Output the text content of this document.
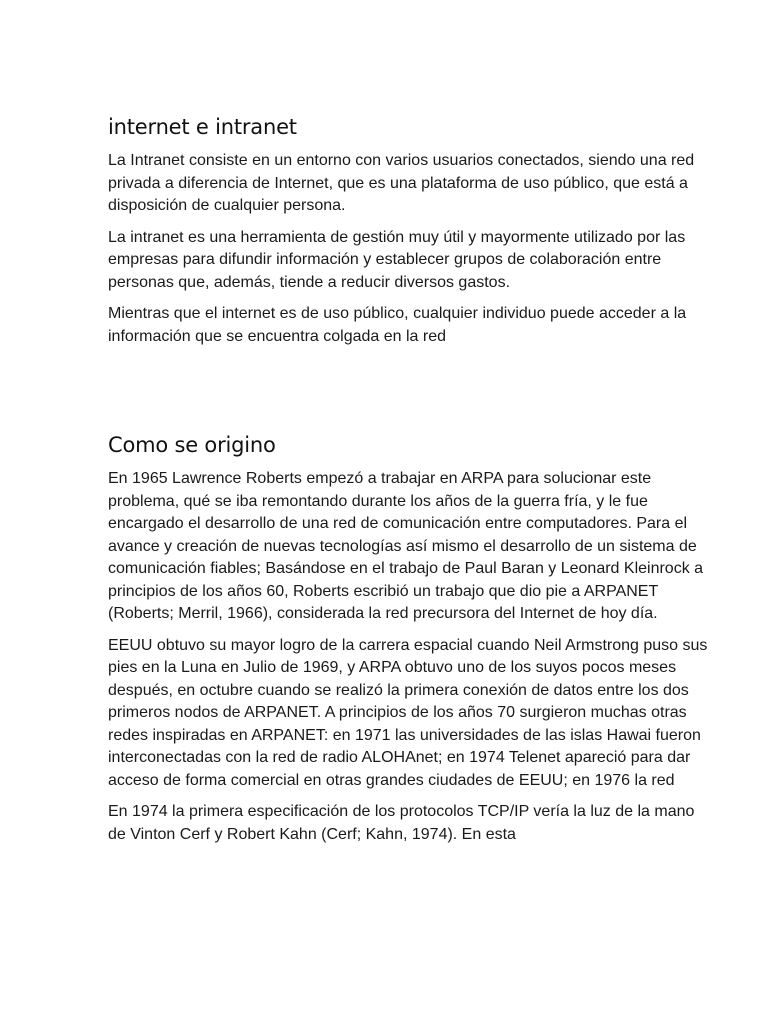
internet e intranet

La Intranet consiste en un entorno con varios usuarios conectados, siendo una red privada a diferencia de Internet, que es una plataforma de uso público, que está a disposición de cualquier persona.

La intranet es una herramienta de gestión muy útil y mayormente utilizado por las empresas para difundir información y establecer grupos de colaboración entre personas que, además, tiende a reducir diversos gastos.

Mientras que el internet es de uso público, cualquier individuo puede acceder a la información que se encuentra colgada en la red

Como se origino

En 1965 Lawrence Roberts empezó a trabajar en ARPA para solucionar este problema, qué se iba remontando durante los años de la guerra fría, y le fue encargado el desarrollo de una red de comunicación entre computadores. Para el avance y creación de nuevas tecnologías así mismo el desarrollo de un sistema de comunicación fiables; Basándose en el trabajo de Paul Baran y Leonard Kleinrock a principios de los años 60, Roberts escribió un trabajo que dio pie a ARPANET (Roberts; Merril, 1966), considerada la red precursora del Internet de hoy día.

EEUU obtuvo su mayor logro de la carrera espacial cuando Neil Armstrong puso sus pies en la Luna en Julio de 1969, y ARPA obtuvo uno de los suyos pocos meses después, en octubre cuando se realizó la primera conexión de datos entre los dos primeros nodos de ARPANET. A principios de los años 70 surgieron muchas otras redes inspiradas en ARPANET: en 1971 las universidades de las islas Hawai fueron interconectadas con la red de radio ALOHAnet; en 1974 Telenet apareció para dar acceso de forma comercial en otras grandes ciudades de EEUU; en 1976 la red

En 1974 la primera especificación de los protocolos TCP/IP vería la luz de la mano de Vinton Cerf y Robert Kahn (Cerf; Kahn, 1974). En esta
